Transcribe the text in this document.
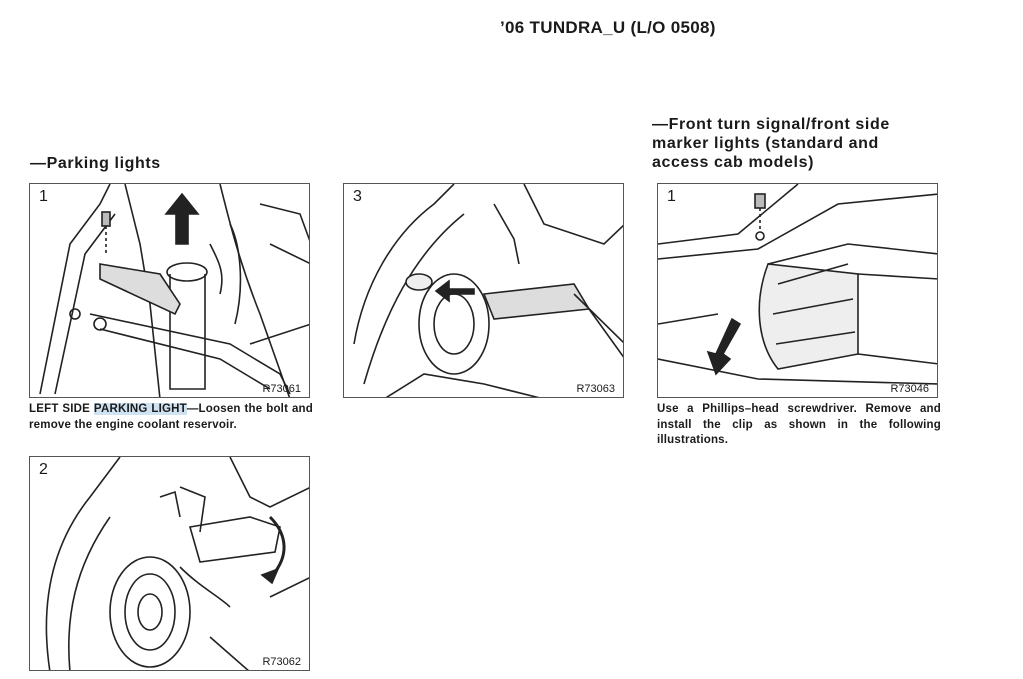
’06 TUNDRA_U (L/O 0508)
—Parking lights
—Front turn signal/front side
marker lights (standard and
access cab models)
1
R73061
LEFT SIDE PARKING LIGHT—Loosen the bolt and remove the engine coolant reservoir.
2
R73062
3
R73063
1
R73046
Use a Phillips–head screwdriver. Remove and install the clip as shown in the following illustrations.
